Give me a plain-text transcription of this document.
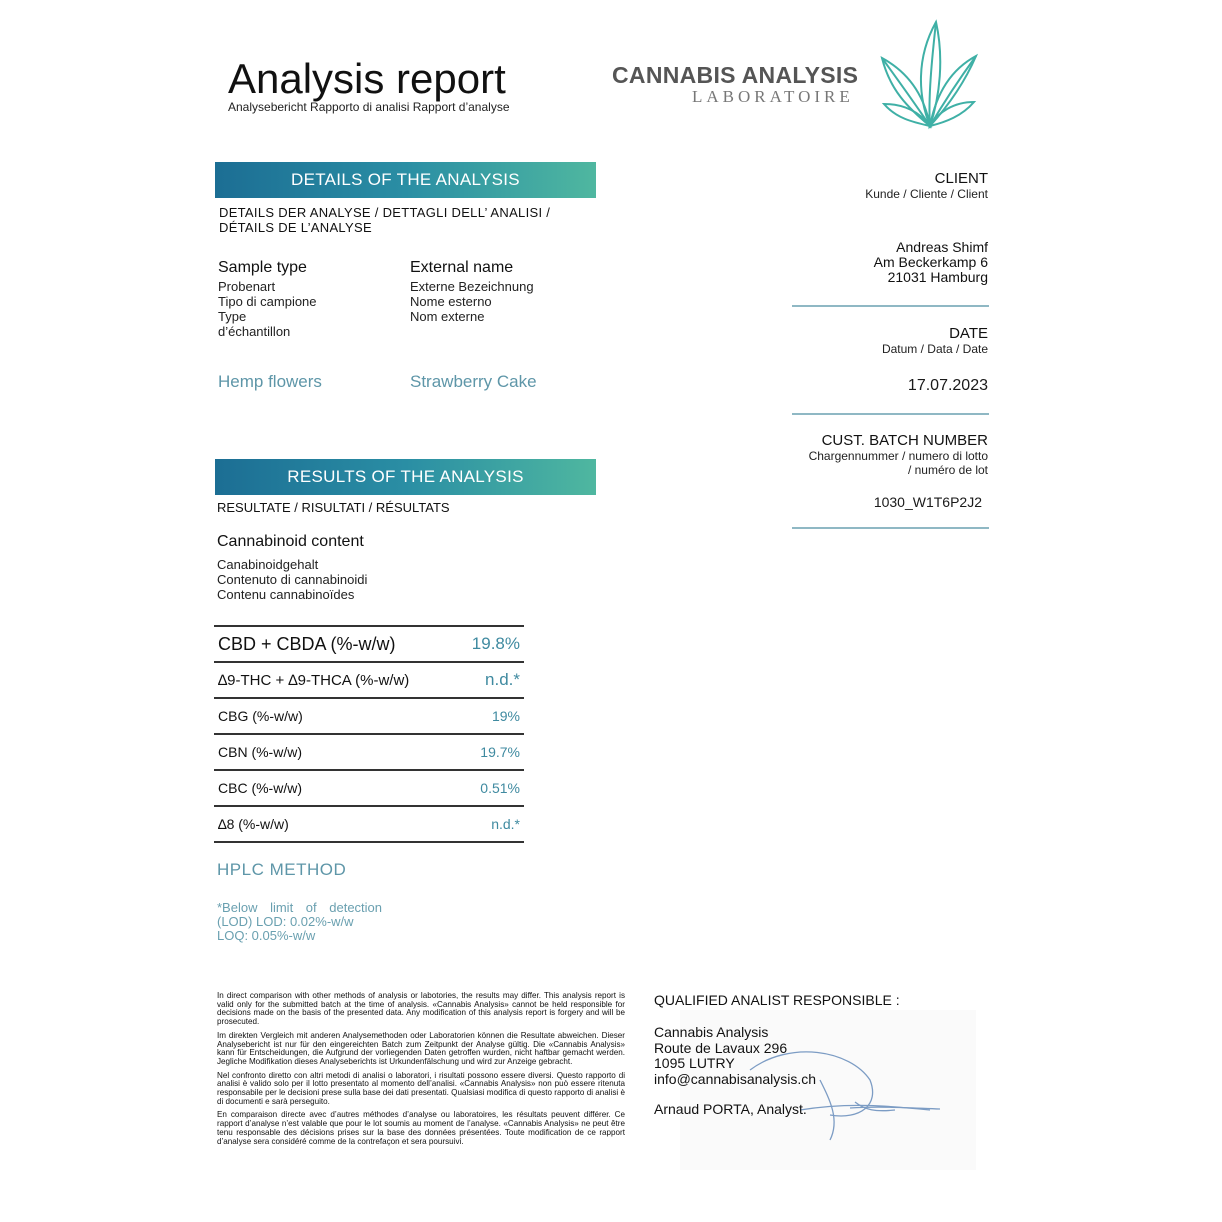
Analysis report
Analysebericht Rapporto di analisi Rapport d’analyse
CANNABIS ANALYSIS
LABORATOIRE
DETAILS OF THE ANALYSIS
DETAILS DER ANALYSE / DETTAGLI DELL’ ANALISI / DÉTAILS DE L’ANALYSE
Sample type
Probenart
Tipo di campione
Type
d’échantillon
External name
Externe Bezeichnung
Nome esterno
Nom externe
Hemp flowers	Strawberry Cake
RESULTS OF THE ANALYSIS
RESULTATE / RISULTATI / RÉSULTATS
Cannabinoid content
Canabinoidgehalt
Contenuto di cannabinoidi
Contenu cannabinoïdes
CBD + CBDA (%-w/w)	19.8%
∆9-THC + ∆9-THCA (%-w/w)	n.d.*
CBG (%-w/w)	19%
CBN (%-w/w)	19.7%
CBC (%-w/w)	0.51%
∆8 (%-w/w)	n.d.*
HPLC METHOD
*Below limit of detection
(LOD) LOD: 0.02%-w/w
LOQ: 0.05%-w/w
CLIENT
Kunde / Cliente / Client
Andreas Shimf
Am Beckerkamp 6
21031 Hamburg
DATE
Datum / Data / Date
17.07.2023
CUST. BATCH NUMBER
Chargennummer / numero di lotto
/ numéro de lot
1030_W1T6P2J2

In direct comparison with other methods of analysis or labotories, the results may differ. This analysis report is valid only for the submitted batch at the time of analysis. «Cannabis Analysis» cannot be held responsible for decisions made on the basis of the presented data. Any modification of this analysis report is forgery and will be prosecuted.

Im direkten Vergleich mit anderen Analysemethoden oder Laboratorien können die Resultate abweichen. Dieser Analysebericht ist nur für den eingereichten Batch zum Zeitpunkt der Analyse gültig. Die «Cannabis Analysis» kann für Entscheidungen, die Aufgrund der vorliegenden Daten getroffen wurden, nicht haftbar gemacht werden. Jegliche Modifikation dieses Analyseberichts ist Urkundenfälschung und wird zur Anzeige gebracht.

Nel confronto diretto con altri metodi di analisi o laboratori, i risultati possono essere diversi. Questo rapporto di analisi è valido solo per il lotto presentato al momento dell’analisi. «Cannabis Analysis» non può essere ritenuta responsabile per le decisioni prese sulla base dei dati presentati. Qualsiasi modifica di questo rapporto di analisi è di documenti e sarà perseguito.

En comparaison directe avec d’autres méthodes d’analyse ou laboratoires, les résultats peuvent différer. Ce rapport d’analyse n’est valable que pour le lot soumis au moment de l’analyse. «Cannabis Analysis» ne peut être tenu responsable des décisions prises sur la base des données présentées. Toute modification de ce rapport d’analyse sera considéré comme de la contrefaçon et sera poursuivi.

QUALIFIED ANALIST RESPONSIBLE :
Cannabis Analysis
Route de Lavaux 296
1095 LUTRY
info@cannabisanalysis.ch
Arnaud PORTA, Analyst.
